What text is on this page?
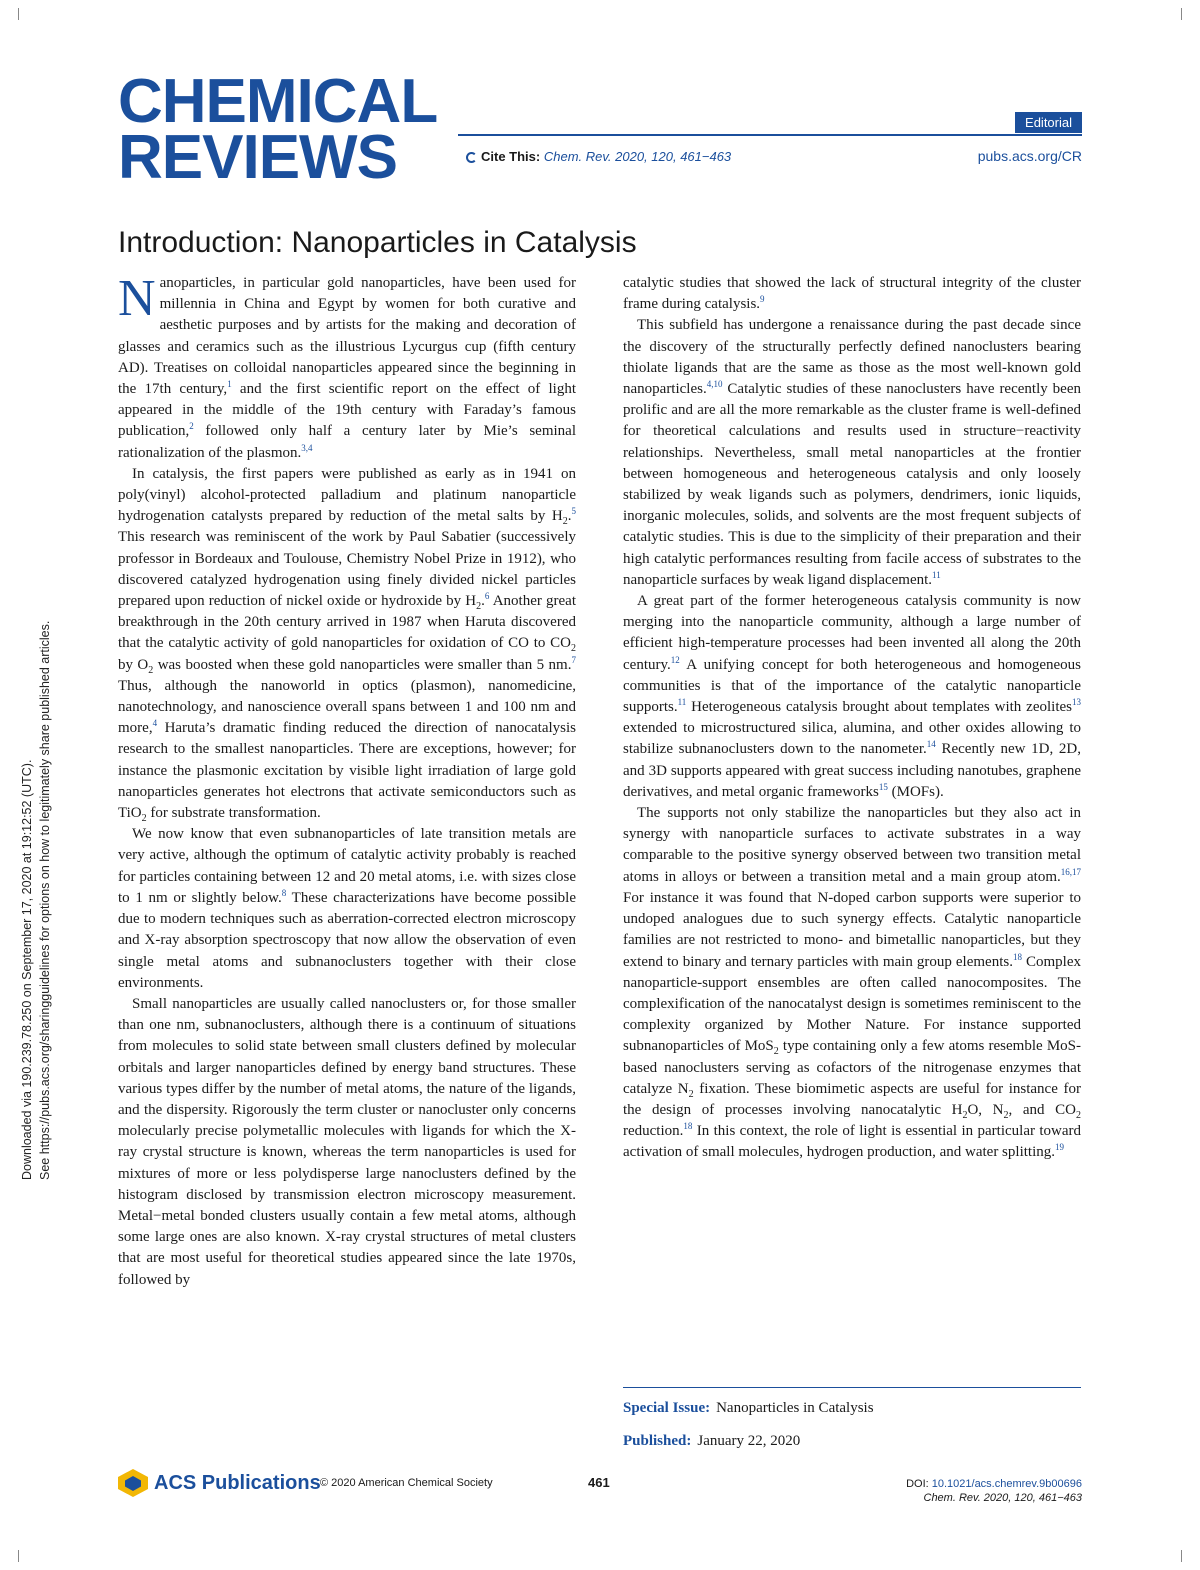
CHEMICAL
REVIEWS
Editorial
Cite This: Chem. Rev. 2020, 120, 461−463	pubs.acs.org/CR
Introduction: Nanoparticles in Catalysis
Downloaded via 190.239.78.250 on September 17, 2020 at 19:12:52 (UTC). See https://pubs.acs.org/sharingguidelines for options on how to legitimately share published articles.

Nanoparticles, in particular gold nanoparticles, have been used for millennia in China and Egypt by women for both curative and aesthetic purposes and by artists for the making and decoration of glasses and ceramics such as the illustrious Lycurgus cup (fifth century AD). Treatises on colloidal nanoparticles appeared since the beginning in the 17th century,$^1$ and the first scientific report on the effect of light appeared in the middle of the 19th century with Faraday’s famous publication,$^2$ followed only half a century later by Mie’s seminal rationalization of the plasmon.$^{3,4}$

In catalysis, the first papers were published as early as in 1941 on poly(vinyl) alcohol-protected palladium and platinum nanoparticle hydrogenation catalysts prepared by reduction of the metal salts by $H_2.^5$ This research was reminiscent of the work by Paul Sabatier (successively professor in Bordeaux and Toulouse, Chemistry Nobel Prize in 1912), who discovered catalyzed hydrogenation using finely divided nickel particles prepared upon reduction of nickel oxide or hydroxide by $H_2.^6$ Another great breakthrough in the 20th century arrived in 1987 when Haruta discovered that the catalytic activity of gold nanoparticles for oxidation of CO to $CO_2$ by $O_2$ was boosted when these gold nanoparticles were smaller than 5 nm.$^7$ Thus, although the nanoworld in optics (plasmon), nanomedicine, nanotechnology, and nanoscience overall spans between 1 and 100 nm and more,$^4$ Haruta’s dramatic finding reduced the direction of nanocatalysis research to the smallest nanoparticles. There are exceptions, however; for instance the plasmonic excitation by visible light irradiation of large gold nanoparticles generates hot electrons that activate semiconductors such as TiO$_2$ for substrate transformation.

We now know that even subnanoparticles of late transition metals are very active, although the optimum of catalytic activity probably is reached for particles containing between 12 and 20 metal atoms, i.e. with sizes close to 1 nm or slightly below.$^8$ These characterizations have become possible due to modern techniques such as aberration-corrected electron microscopy and X-ray absorption spectroscopy that now allow the observation of even single metal atoms and subnanoclusters together with their close environments.

Small nanoparticles are usually called nanoclusters or, for those smaller than one nm, subnanoclusters, although there is a continuum of situations from molecules to solid state between small clusters defined by molecular orbitals and larger nanoparticles defined by energy band structures. These various types differ by the number of metal atoms, the nature of the ligands, and the dispersity. Rigorously the term cluster or nanocluster only concerns molecularly precise polymetallic molecules with ligands for which the X-ray crystal structure is known, whereas the term nanoparticles is used for mixtures of more or less polydisperse large nanoclusters defined by the histogram disclosed by transmission electron microscopy measurement. Metal−metal bonded clusters usually contain a few metal atoms, although some large ones are also known. X-ray crystal structures of metal clusters that are most useful for theoretical studies appeared since the late 1970s, followed by

catalytic studies that showed the lack of structural integrity of the cluster frame during catalysis.$^9$

This subfield has undergone a renaissance during the past decade since the discovery of the structurally perfectly defined nanoclusters bearing thiolate ligands that are the same as those as the most well-known gold nanoparticles.$^{4,10}$ Catalytic studies of these nanoclusters have recently been prolific and are all the more remarkable as the cluster frame is well-defined for theoretical calculations and results used in structure−reactivity relationships. Nevertheless, small metal nanoparticles at the frontier between homogeneous and heterogeneous catalysis and only loosely stabilized by weak ligands such as polymers, dendrimers, ionic liquids, inorganic molecules, solids, and solvents are the most frequent subjects of catalytic studies. This is due to the simplicity of their preparation and their high catalytic performances resulting from facile access of substrates to the nanoparticle surfaces by weak ligand displacement.$^{11}$

A great part of the former heterogeneous catalysis community is now merging into the nanoparticle community, although a large number of efficient high-temperature processes had been invented all along the 20th century.$^{12}$ A unifying concept for both heterogeneous and homogeneous communities is that of the importance of the catalytic nanoparticle supports.$^{11}$ Heterogeneous catalysis brought about templates with zeolites$^{13}$ extended to microstructured silica, alumina, and other oxides allowing to stabilize subnanoclusters down to the nanometer.$^{14}$ Recently new 1D, 2D, and 3D supports appeared with great success including nanotubes, graphene derivatives, and metal organic frameworks$^{15}$ (MOFs).

The supports not only stabilize the nanoparticles but they also act in synergy with nanoparticle surfaces to activate substrates in a way comparable to the positive synergy observed between two transition metal atoms in alloys or between a transition metal and a main group atom.$^{16,17}$ For instance it was found that N-doped carbon supports were superior to undoped analogues due to such synergy effects. Catalytic nanoparticle families are not restricted to mono- and bimetallic nanoparticles, but they extend to binary and ternary particles with main group elements.$^{18}$ Complex nanoparticle-support ensembles are often called nanocomposites. The complexification of the nanocatalyst design is sometimes reminiscent to the complexity organized by Mother Nature. For instance supported subnanoparticles of MoS$_2$ type containing only a few atoms resemble MoS-based nanoclusters serving as cofactors of the nitrogenase enzymes that catalyze $N_2$ fixation. These biomimetic aspects are useful for instance for the design of processes involving nanocatalytic $H_2O$, $N_2$, and $CO_2$ reduction.$^{18}$ In this context, the role of light is essential in particular toward activation of small molecules, hydrogen production, and water splitting.$^{19}$

Special Issue: Nanoparticles in Catalysis
Published: January 22, 2020
ACS Publications © 2020 American Chemical Society	461	DOI: 10.1021/acs.chemrev.9b00696
Chem. Rev. 2020, 120, 461−463
